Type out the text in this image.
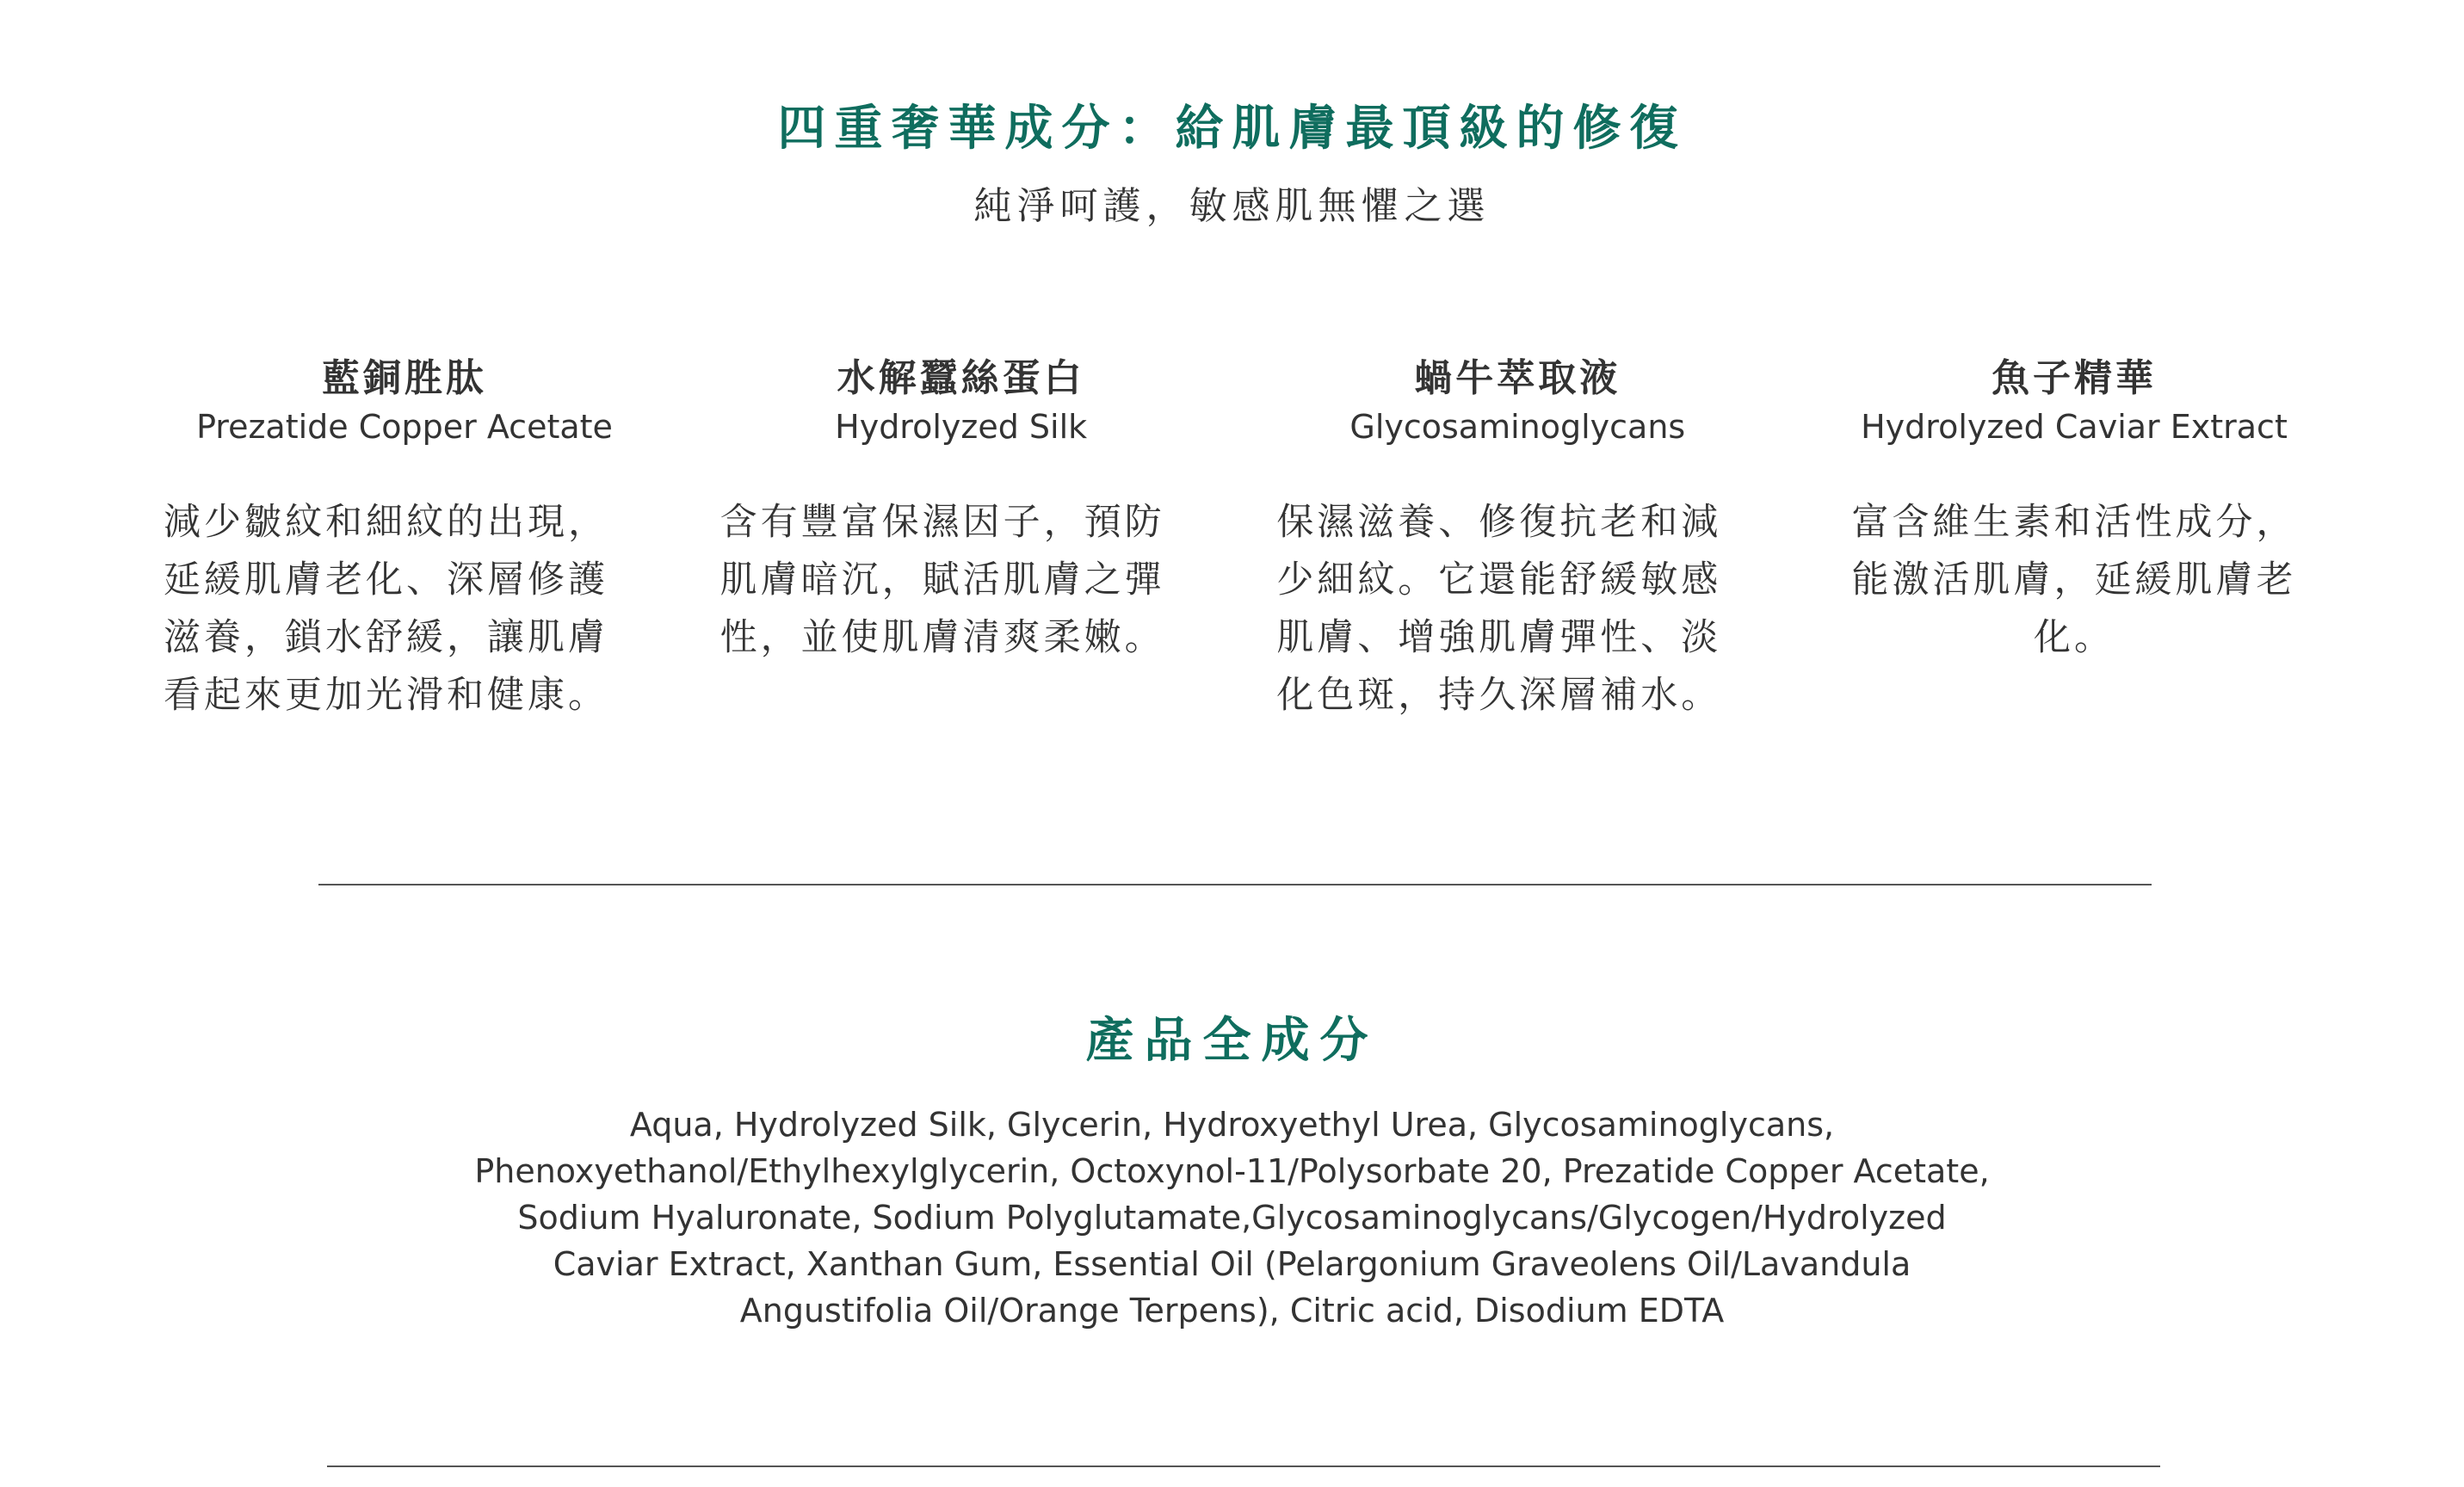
四重奢華成分：給肌膚最頂級的修復
純淨呵護，敏感肌無懼之選
藍銅胜肽
Prezatide Copper Acetate
減少皺紋和細紋的出現，延緩肌膚老化、深層修護滋養，鎖水舒緩，讓肌膚看起來更加光滑和健康。
水解蠶絲蛋白
Hydrolyzed Silk
含有豐富保濕因子，預防肌膚暗沉，賦活肌膚之彈性，並使肌膚清爽柔嫩。
蝸牛萃取液
Glycosaminoglycans
保濕滋養、修復抗老和減少細紋。它還能舒緩敏感肌膚、增強肌膚彈性、淡化色斑，持久深層補水。
魚子精華
Hydrolyzed Caviar Extract
富含維生素和活性成分，能激活肌膚，延緩肌膚老化。
產品全成分
Aqua, Hydrolyzed Silk, Glycerin, Hydroxyethyl Urea, Glycosaminoglycans, Phenoxyethanol/Ethylhexylglycerin, Octoxynol-11/Polysorbate 20, Prezatide Copper Acetate, Sodium Hyaluronate, Sodium Polyglutamate,Glycosaminoglycans/Glycogen/Hydrolyzed Caviar Extract, Xanthan Gum, Essential Oil (Pelargonium Graveolens Oil/Lavandula Angustifolia Oil/Orange Terpens), Citric acid, Disodium EDTA
